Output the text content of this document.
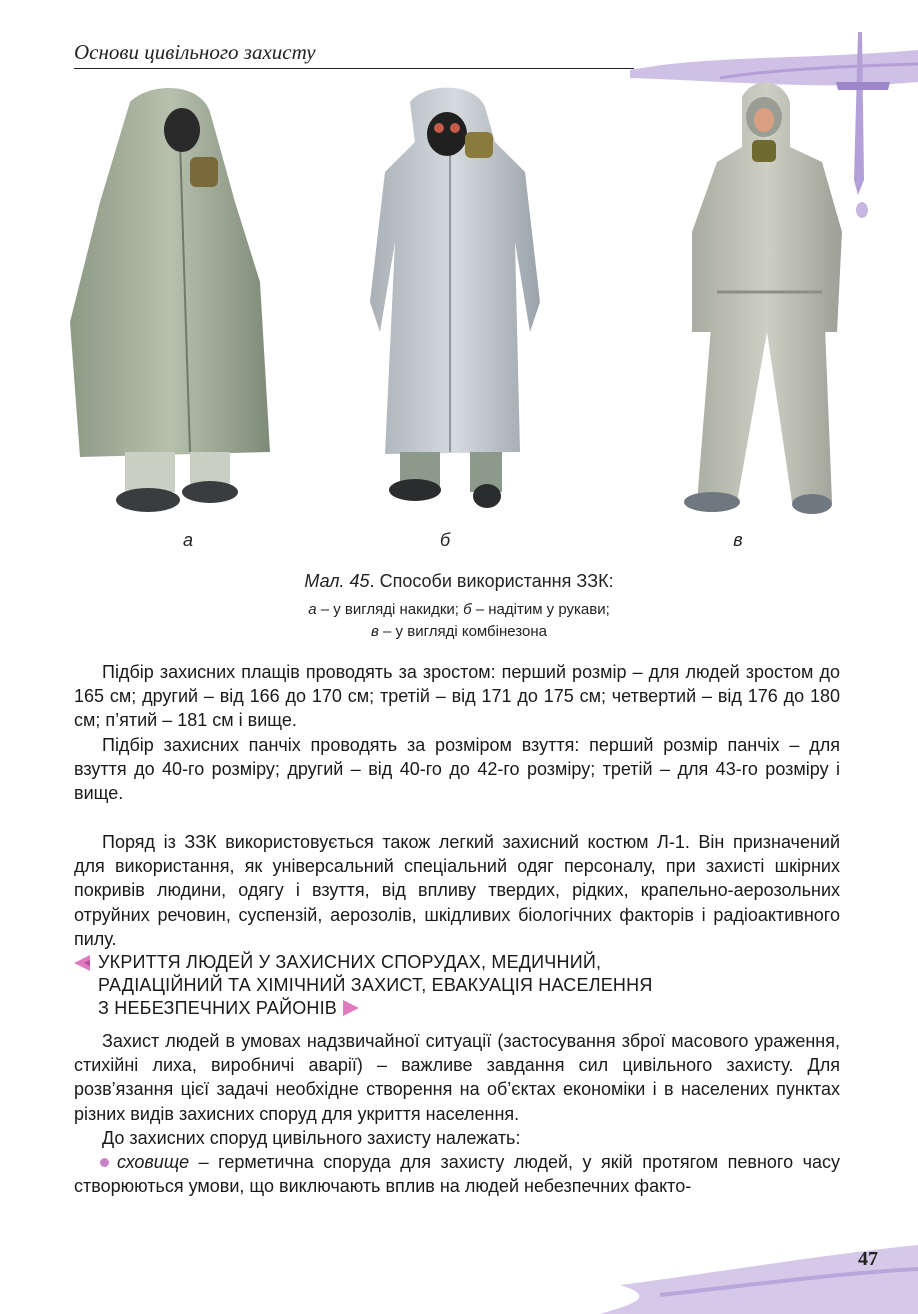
Основи цивільного захисту
а	б	в
Мал. 45. Способи використання ЗЗК:
а – у вигляді накидки; б – надітим у рукави;
в – у вигляді комбінезона

Підбір захисних плащів проводять за зростом: перший розмір – для людей зростом до 165 см; другий – від 166 до 170 см; третій – від 171 до 175 см; четвертий – від 176 до 180 см; п’ятий – 181 см і вище.

Підбір захисних панчіх проводять за розміром взуття: перший розмір панчіх – для взуття до 40-го розміру; другий – від 40-го до 42-го розміру; третій – для 43-го розміру і вище.

Поряд із ЗЗК використовується також легкий захисний костюм Л-1. Він призначений для використання, як універсальний спеціальний одяг персоналу, при захисті шкірних покривів людини, одягу і взуття, від впливу твердих, рідких, крапельно-аерозольних отруйних речовин, суспензій, аерозолів, шкідливих біологічних факторів і радіоактивного пилу.

УКРИТТЯ ЛЮДЕЙ У ЗАХИСНИХ СПОРУДАХ, МЕДИЧНИЙ,
РАДІАЦІЙНИЙ ТА ХІМІЧНИЙ ЗАХИСТ, ЕВАКУАЦІЯ НАСЕЛЕННЯ
З НЕБЕЗПЕЧНИХ РАЙОНІВ

Захист людей в умовах надзвичайної ситуації (застосування зброї масового ураження, стихійні лиха, виробничі аварії) – важливе завдання сил цивільного захисту. Для розв’язання цієї задачі необхідне створення на об’єктах економіки і в населених пунктах різних видів захисних споруд для укриття населення.

До захисних споруд цивільного захисту належать:

сховище – герметична споруда для захисту людей, у якій протягом певного часу створюються умови, що виключають вплив на людей небезпечних факто-

47
